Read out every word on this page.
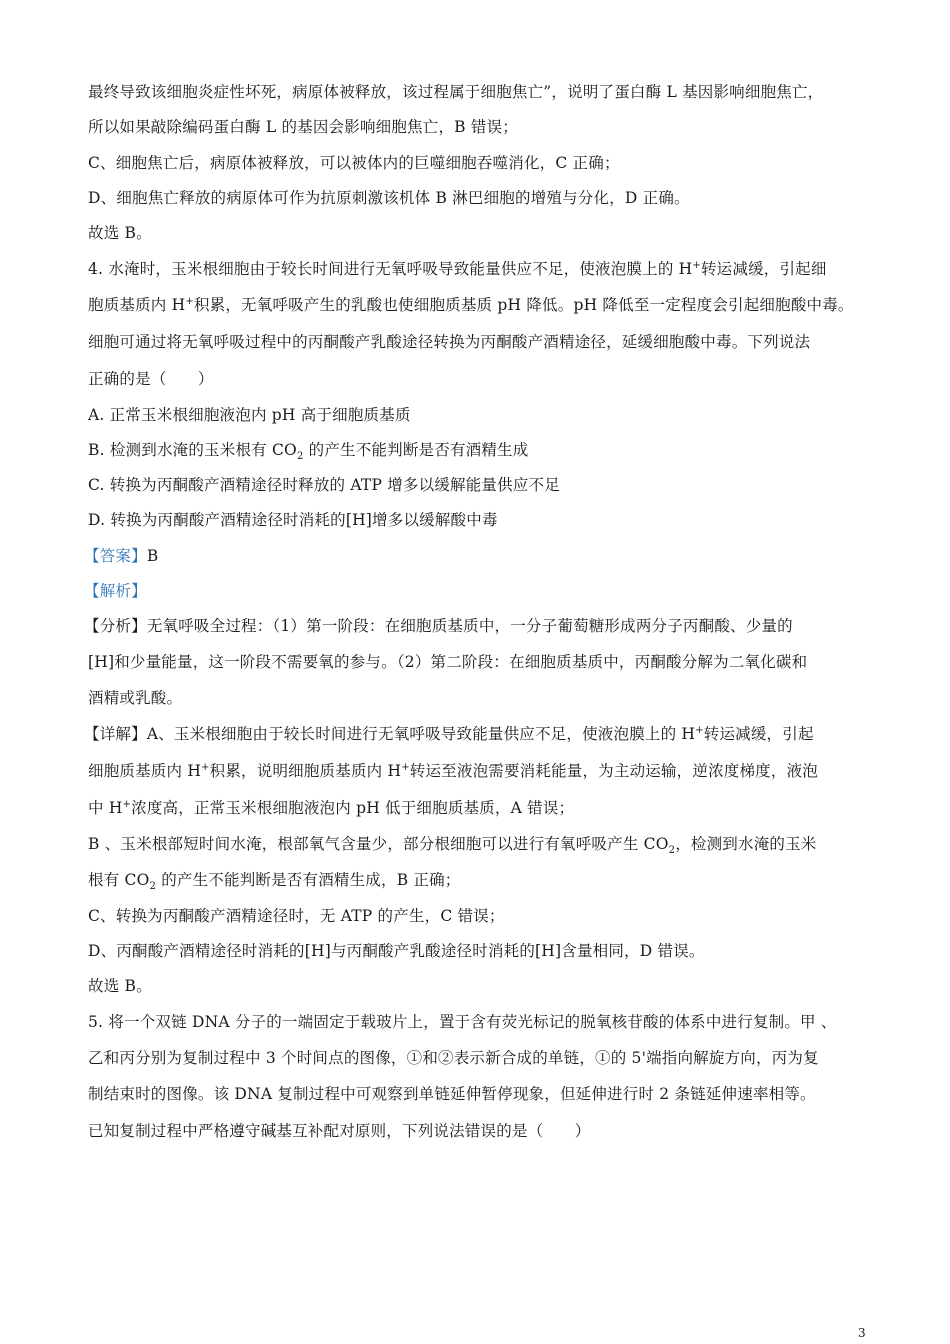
最终导致该细胞炎症性坏死，病原体被释放，该过程属于细胞焦亡”，说明了蛋白酶 L 基因影响细胞焦亡，
所以如果敲除编码蛋白酶 L 的基因会影响细胞焦亡，B 错误；
C、细胞焦亡后，病原体被释放，可以被体内的巨噬细胞吞噬消化，C 正确；
D、细胞焦亡释放的病原体可作为抗原刺激该机体 B 淋巴细胞的增殖与分化，D 正确。
故选 B。
4. 水淹时，玉米根细胞由于较长时间进行无氧呼吸导致能量供应不足，使液泡膜上的 H+转运减缓，引起细
胞质基质内 H+积累，无氧呼吸产生的乳酸也使细胞质基质 pH 降低。pH 降低至一定程度会引起细胞酸中毒。
细胞可通过将无氧呼吸过程中的丙酮酸产乳酸途径转换为丙酮酸产酒精途径，延缓细胞酸中毒。下列说法
正确的是（　　）
A. 正常玉米根细胞液泡内 pH 高于细胞质基质
B. 检测到水淹的玉米根有 $CO_2$ 的产生不能判断是否有酒精生成
C. 转换为丙酮酸产酒精途径时释放的 ATP 增多以缓解能量供应不足
D. 转换为丙酮酸产酒精途径时消耗的[H]增多以缓解酸中毒
【答案】B
【解析】
【分析】无氧呼吸全过程：（1）第一阶段：在细胞质基质中，一分子葡萄糖形成两分子丙酮酸、少量的
[H]和少量能量，这一阶段不需要氧的参与。（2）第二阶段：在细胞质基质中，丙酮酸分解为二氧化碳和
酒精或乳酸。
【详解】A、玉米根细胞由于较长时间进行无氧呼吸导致能量供应不足，使液泡膜上的 H+转运减缓，引起
细胞质基质内 H+积累，说明细胞质基质内 H+转运至液泡需要消耗能量，为主动运输，逆浓度梯度，液泡
中 H+浓度高，正常玉米根细胞液泡内 pH 低于细胞质基质，A 错误；
B 、玉米根部短时间水淹，根部氧气含量少，部分根细胞可以进行有氧呼吸产生 $CO_2$，检测到水淹的玉米
根有 $CO_2$ 的产生不能判断是否有酒精生成，B 正确；
C、转换为丙酮酸产酒精途径时，无 ATP 的产生，C 错误；
D、丙酮酸产酒精途径时消耗的[H]与丙酮酸产乳酸途径时消耗的[H]含量相同，D 错误。
故选 B。
5. 将一个双链 DNA 分子的一端固定于载玻片上，置于含有荧光标记的脱氧核苷酸的体系中进行复制。甲 、
乙和丙分别为复制过程中 3 个时间点的图像，①和②表示新合成的单链，①的 5'端指向解旋方向，丙为复
制结束时的图像。该 DNA 复制过程中可观察到单链延伸暂停现象，但延伸进行时 2 条链延伸速率相等。
已知复制过程中严格遵守碱基互补配对原则，下列说法错误的是（　　）
3
